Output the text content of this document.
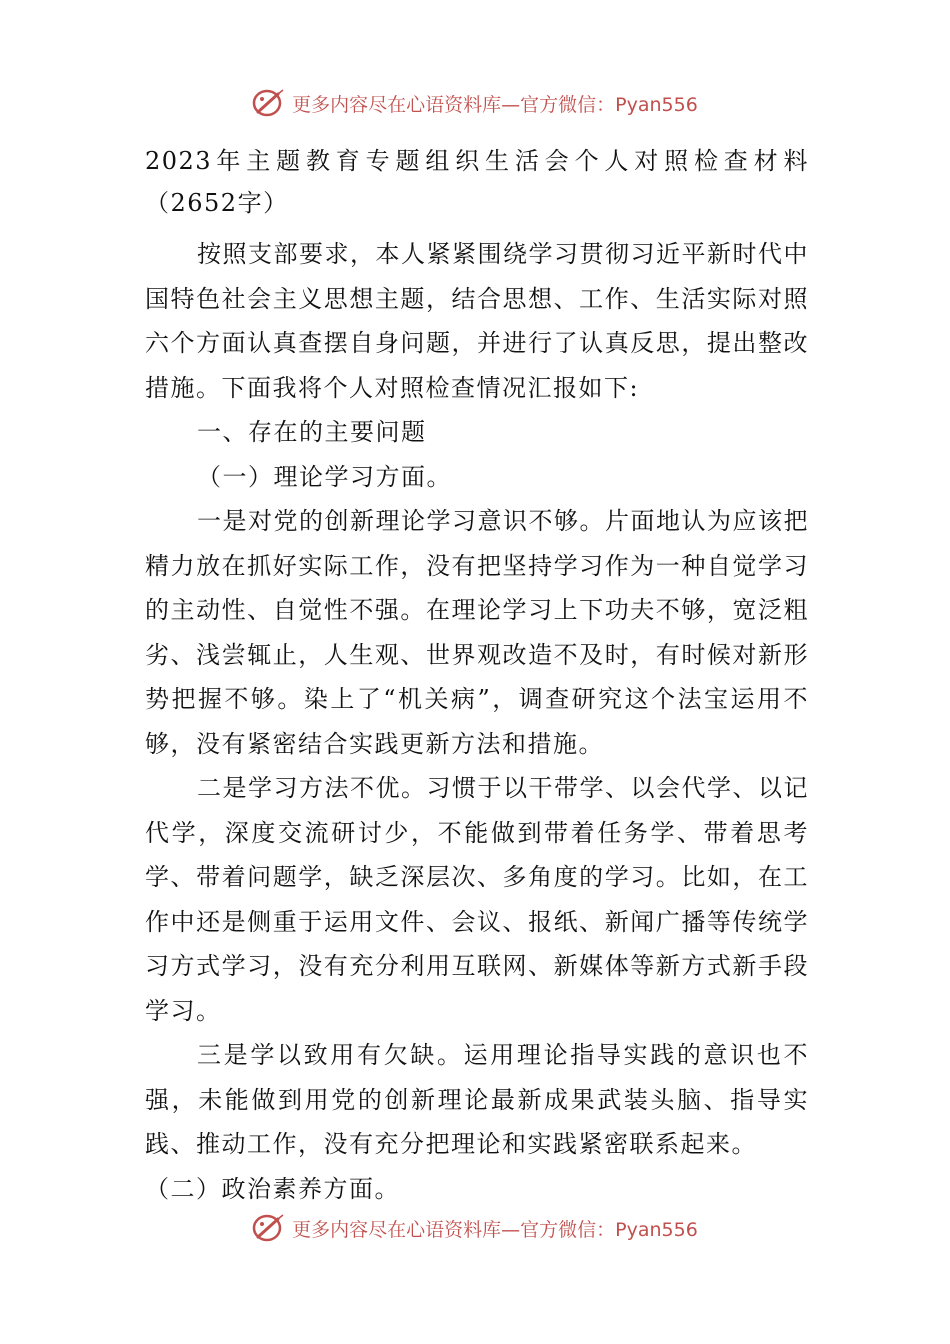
更多内容尽在心语资料库—官方微信：Pyan556

2023年主题教育专题组织生活会个人对照检查材料（2652字）

按照支部要求，本人紧紧围绕学习贯彻习近平新时代中国特色社会主义思想主题，结合思想、工作、生活实际对照六个方面认真查摆自身问题，并进行了认真反思，提出整改措施。下面我将个人对照检查情况汇报如下:

一、存在的主要问题

（一）理论学习方面。

一是对党的创新理论学习意识不够。片面地认为应该把精力放在抓好实际工作，没有把坚持学习作为一种自觉学习的主动性、自觉性不强。在理论学习上下功夫不够，宽泛粗劣、浅尝辄止，人生观、世界观改造不及时，有时候对新形势把握不够。染上了“机关病”，调查研究这个法宝运用不够，没有紧密结合实践更新方法和措施。

二是学习方法不优。习惯于以干带学、以会代学、以记代学，深度交流研讨少，不能做到带着任务学、带着思考学、带着问题学，缺乏深层次、多角度的学习。比如，在工作中还是侧重于运用文件、会议、报纸、新闻广播等传统学习方式学习，没有充分利用互联网、新媒体等新方式新手段学习。

三是学以致用有欠缺。运用理论指导实践的意识也不强，未能做到用党的创新理论最新成果武装头脑、指导实践、推动工作，没有充分把理论和实践紧密联系起来。

（二）政治素养方面。

更多内容尽在心语资料库—官方微信：Pyan556
